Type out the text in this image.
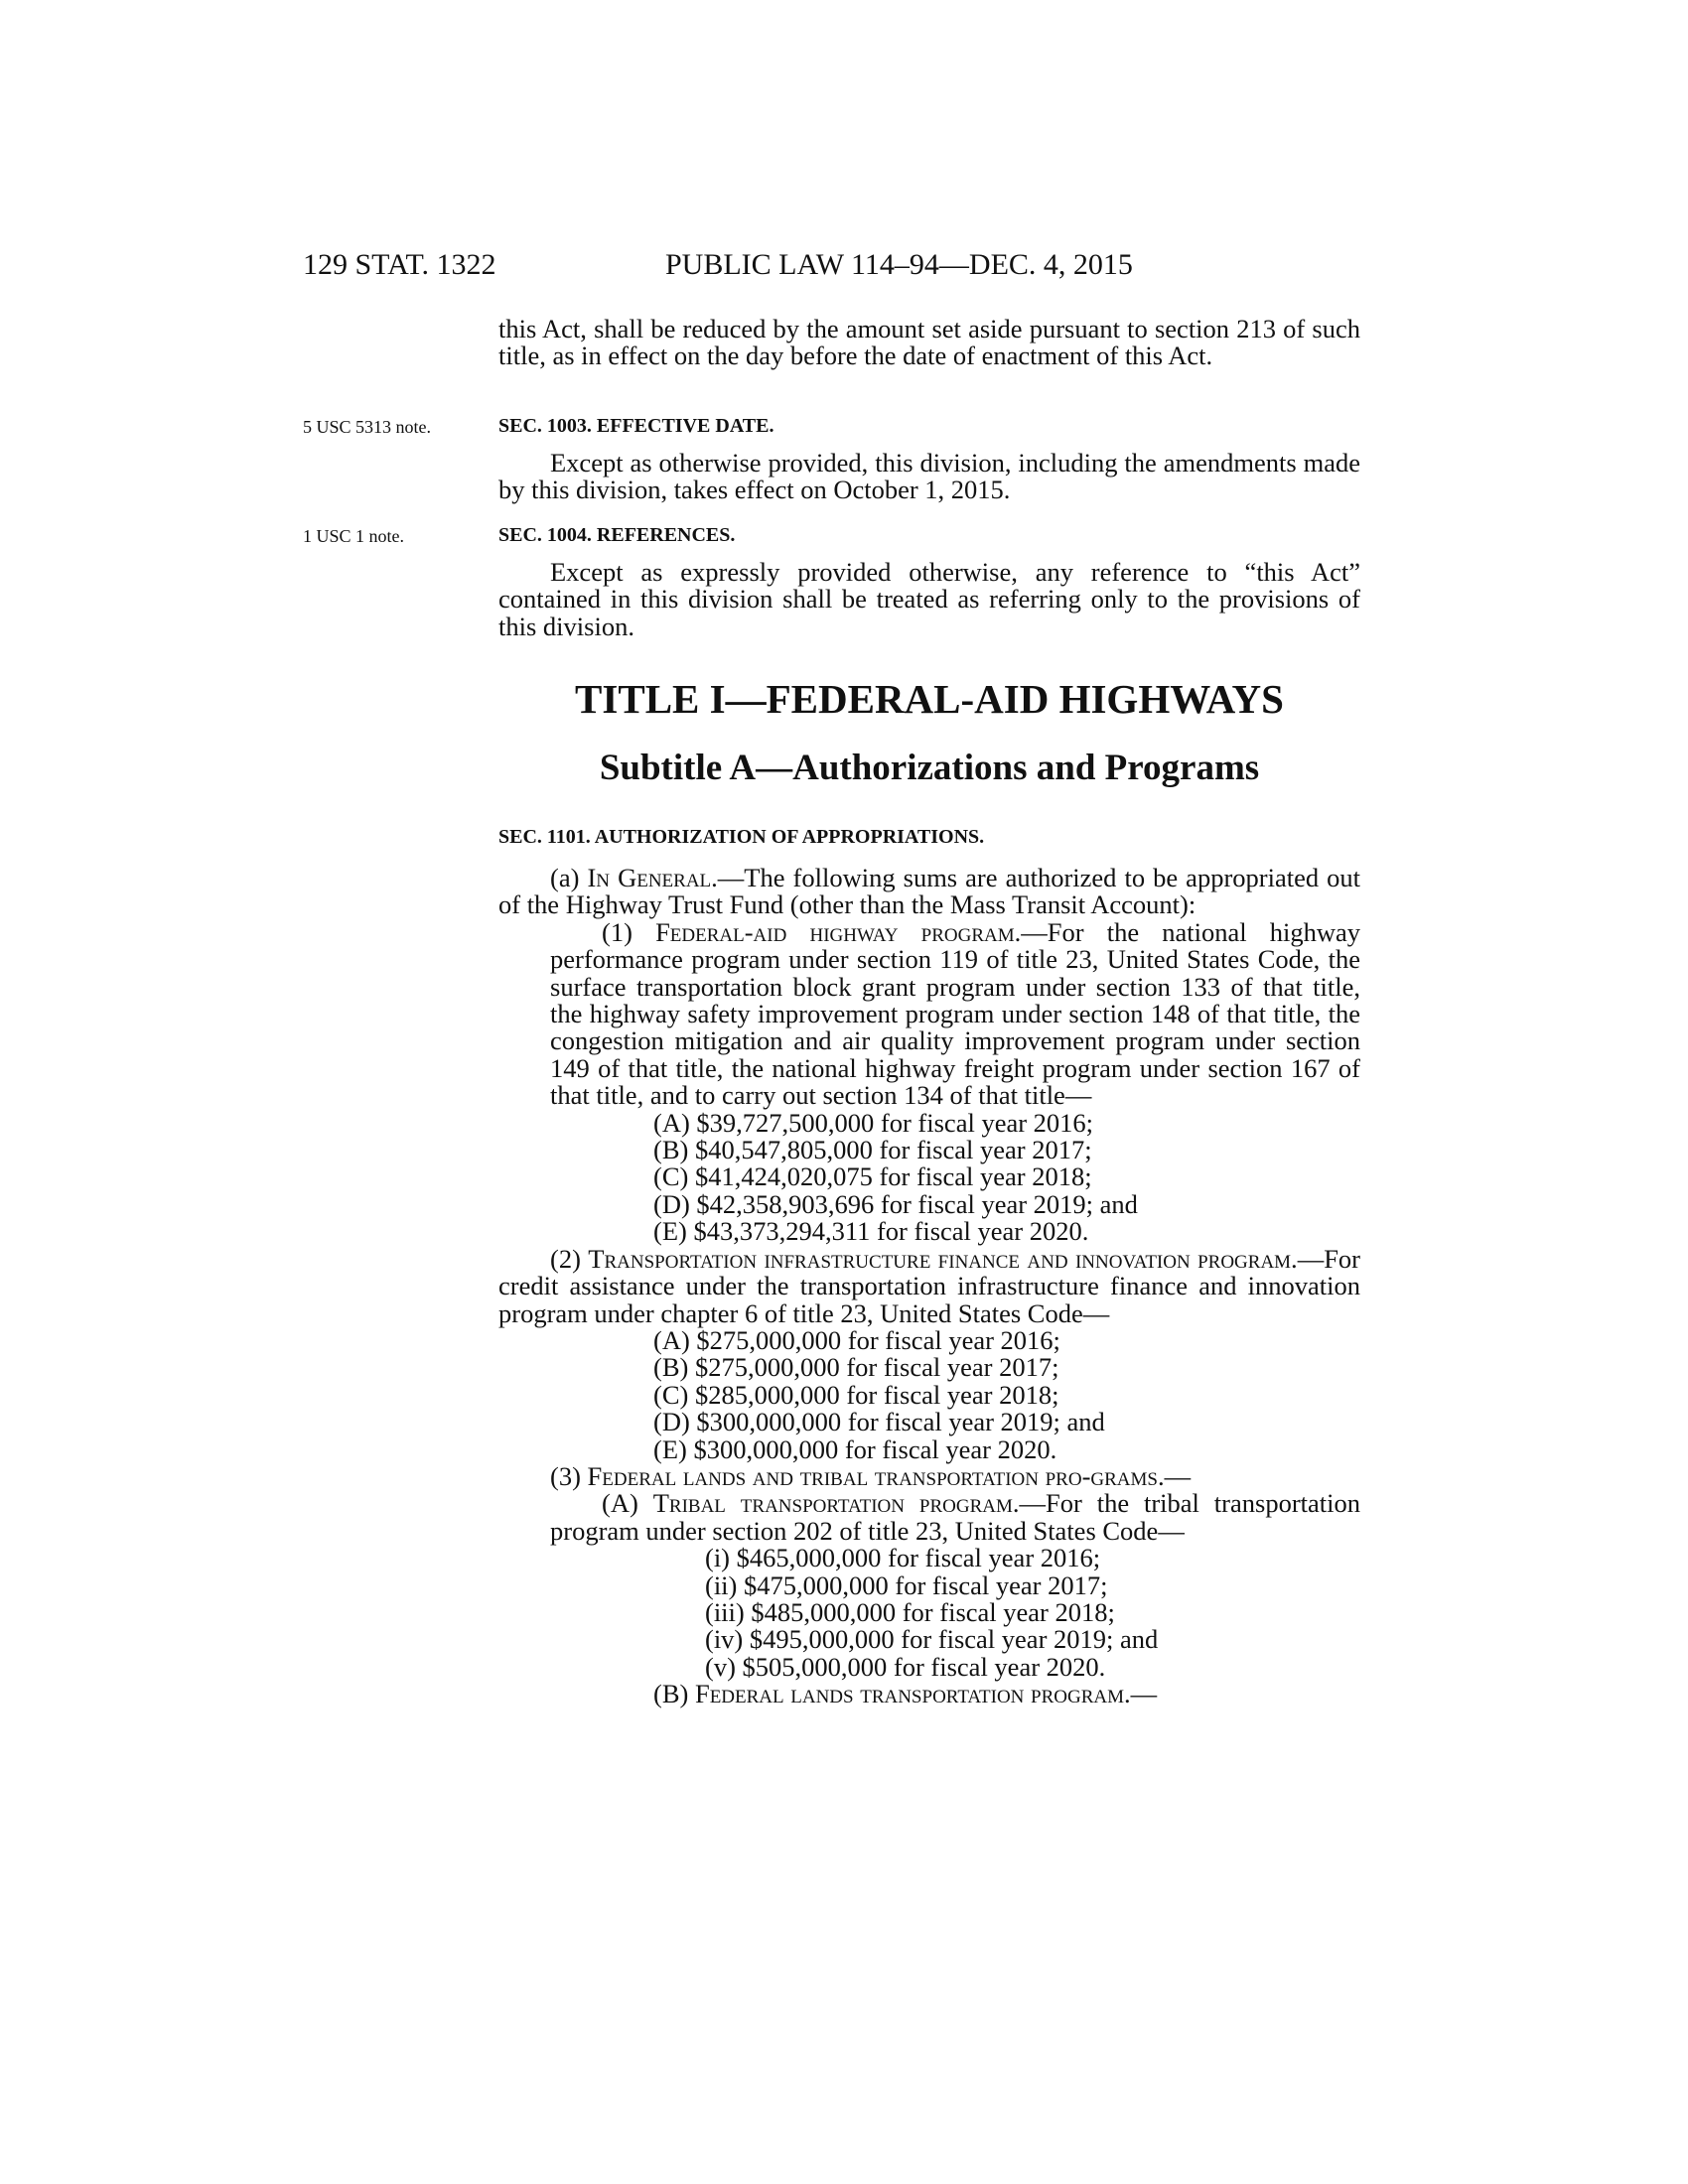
129 STAT. 1322	PUBLIC LAW 114–94—DEC. 4, 2015

this Act, shall be reduced by the amount set aside pursuant to section 213 of such title, as in effect on the day before the date of enactment of this Act.

5 USC 5313 note.	SEC. 1003. EFFECTIVE DATE.

Except as otherwise provided, this division, including the amendments made by this division, takes effect on October 1, 2015.

1 USC 1 note.	SEC. 1004. REFERENCES.

Except as expressly provided otherwise, any reference to “this Act” contained in this division shall be treated as referring only to the provisions of this division.

TITLE I—FEDERAL-AID HIGHWAYS
Subtitle A—Authorizations and Programs

SEC. 1101. AUTHORIZATION OF APPROPRIATIONS.

(a) In General.—The following sums are authorized to be appropriated out of the Highway Trust Fund (other than the Mass Transit Account):

(1) Federal-aid highway program.—For the national highway performance program under section 119 of title 23, United States Code, the surface transportation block grant program under section 133 of that title, the highway safety improvement program under section 148 of that title, the congestion mitigation and air quality improvement program under section 149 of that title, the national highway freight program under section 167 of that title, and to carry out section 134 of that title—

(A) $39,727,500,000 for fiscal year 2016;
(B) $40,547,805,000 for fiscal year 2017;
(C) $41,424,020,075 for fiscal year 2018;
(D) $42,358,903,696 for fiscal year 2019; and
(E) $43,373,294,311 for fiscal year 2020.

(2) Transportation infrastructure finance and innovation program.—For credit assistance under the transportation infrastructure finance and innovation program under chapter 6 of title 23, United States Code—

(A) $275,000,000 for fiscal year 2016;
(B) $275,000,000 for fiscal year 2017;
(C) $285,000,000 for fiscal year 2018;
(D) $300,000,000 for fiscal year 2019; and
(E) $300,000,000 for fiscal year 2020.

(3) Federal lands and tribal transportation pro-grams.—

(A) Tribal transportation program.—For the tribal transportation program under section 202 of title 23, United States Code—

(i) $465,000,000 for fiscal year 2016;
(ii) $475,000,000 for fiscal year 2017;
(iii) $485,000,000 for fiscal year 2018;
(iv) $495,000,000 for fiscal year 2019; and
(v) $505,000,000 for fiscal year 2020.

(B) Federal lands transportation program.—
